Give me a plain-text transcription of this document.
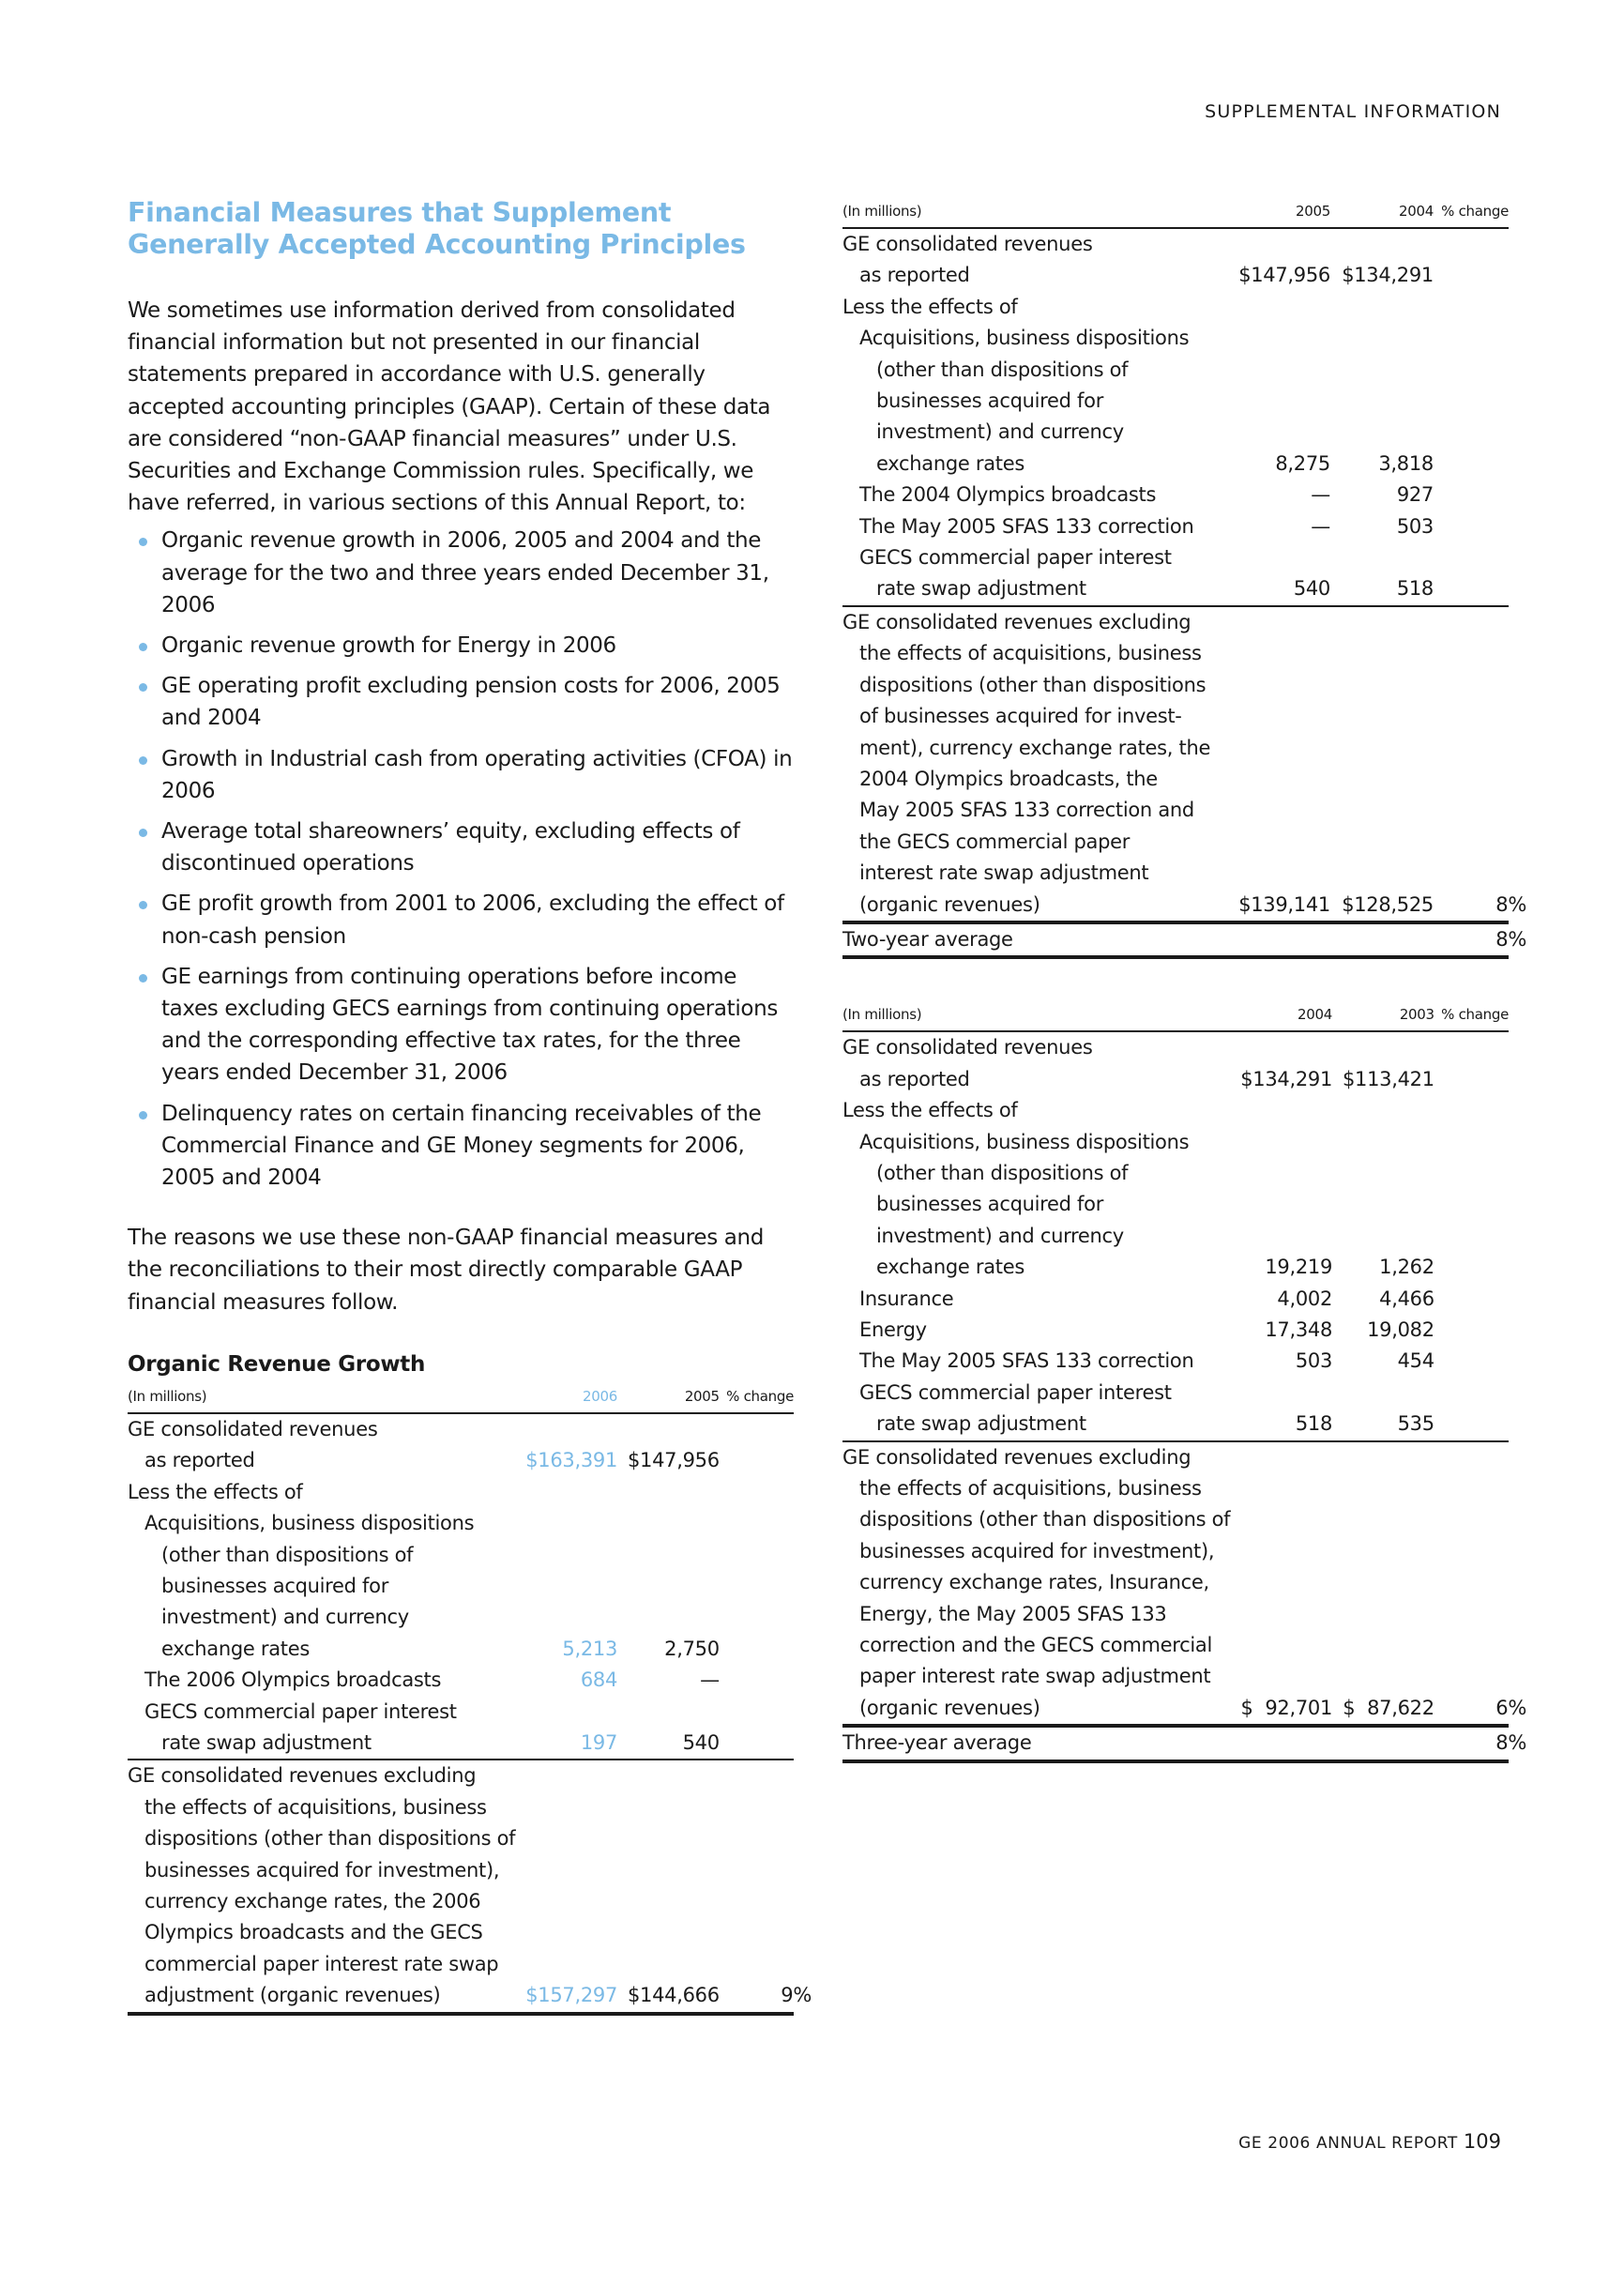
SUPPLEMENTAL INFORMATION
Financial Measures that Supplement Generally Accepted Accounting Principles

We sometimes use information derived from consolidated financial information but not presented in our financial statements prepared in accordance with U.S. generally accepted accounting principles (GAAP). Certain of these data are considered “non-GAAP financial measures” under U.S. Securities and Exchange Commission rules. Specifically, we have referred, in various sections of this Annual Report, to:

Organic revenue growth in 2006, 2005 and 2004 and the average for the two and three years ended December 31, 2006
Organic revenue growth for Energy in 2006
GE operating profit excluding pension costs for 2006, 2005 and 2004
Growth in Industrial cash from operating activities (CFOA) in 2006
Average total shareowners’ equity, excluding effects of discontinued operations
GE profit growth from 2001 to 2006, excluding the effect of non-cash pension
GE earnings from continuing operations before income taxes excluding GECS earnings from continuing operations and the corresponding effective tax rates, for the three years ended December 31, 2006
Delinquency rates on certain financing receivables of the Commercial Finance and GE Money segments for 2006, 2005 and 2004

The reasons we use these non-GAAP financial measures and the reconciliations to their most directly comparable GAAP financial measures follow.

Organic Revenue Growth
(In millions)	2006	2005	% change
GE consolidated revenues			
as reported	$163,391	$147,956	
Less the effects of			
Acquisitions, business dispositions			
(other than dispositions of			
businesses acquired for			
investment) and currency			
exchange rates	5,213	2,750	
The 2006 Olympics broadcasts	684	—	
GECS commercial paper interest			
rate swap adjustment	197	540	
GE consolidated revenues excluding			
the effects of acquisitions, business			
dispositions (other than dispositions of			
businesses acquired for investment),			
currency exchange rates, the 2006			
Olympics broadcasts and the GECS			
commercial paper interest rate swap			
adjustment (organic revenues)	$157,297	$144,666	9%
(In millions)	2005	2004	% change
GE consolidated revenues			
as reported	$147,956	$134,291	
Less the effects of			
Acquisitions, business dispositions			
(other than dispositions of			
businesses acquired for			
investment) and currency			
exchange rates	8,275	3,818	
The 2004 Olympics broadcasts	—	927	
The May 2005 SFAS 133 correction	—	503	
GECS commercial paper interest			
rate swap adjustment	540	518	
GE consolidated revenues excluding			
the effects of acquisitions, business			
dispositions (other than dispositions			
of businesses acquired for invest-			
ment), currency exchange rates, the			
2004 Olympics broadcasts, the			
May 2005 SFAS 133 correction and			
the GECS commercial paper			
interest rate swap adjustment			
(organic revenues)	$139,141	$128,525	8%
Two-year average			8%
(In millions)	2004	2003	% change
GE consolidated revenues			
as reported	$134,291	$113,421	
Less the effects of			
Acquisitions, business dispositions			
(other than dispositions of			
businesses acquired for			
investment) and currency			
exchange rates	19,219	1,262	
Insurance	4,002	4,466	
Energy	17,348	19,082	
The May 2005 SFAS 133 correction	503	454	
GECS commercial paper interest			
rate swap adjustment	518	535	
GE consolidated revenues excluding			
the effects of acquisitions, business			
dispositions (other than dispositions of			
businesses acquired for investment),			
currency exchange rates, Insurance,			
Energy, the May 2005 SFAS 133			
correction and the GECS commercial			
paper interest rate swap adjustment			
(organic revenues)	$  92,701	$  87,622	6%
Three-year average			8%
GE 2006 ANNUAL REPORT 109
